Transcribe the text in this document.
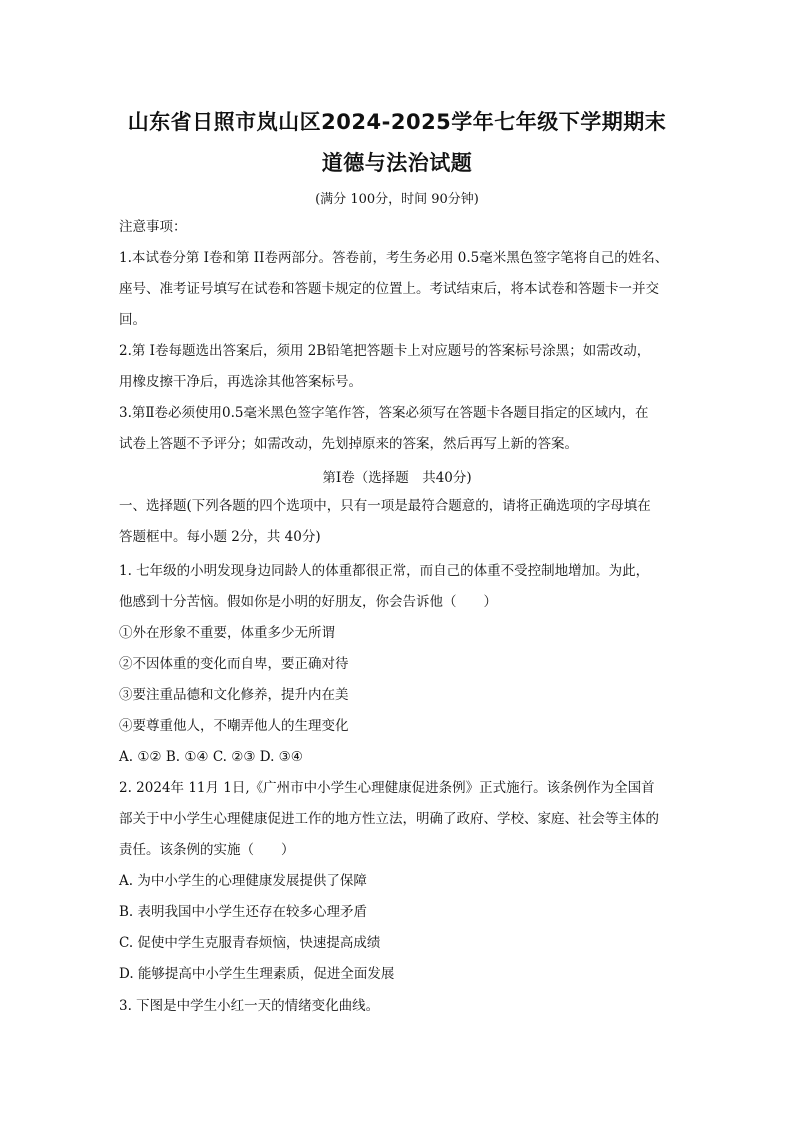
山东省日照市岚山区2024-2025学年七年级下学期期末
道德与法治试题
(满分 100分，时间 90分钟)
注意事项：
1.本试卷分第 I卷和第 II卷两部分。答卷前，考生务必用 0.5毫米黑色签字笔将自己的姓名、
座号、准考证号填写在试卷和答题卡规定的位置上。考试结束后，将本试卷和答题卡一并交
回。
2.第 I卷每题选出答案后，须用 2B铅笔把答题卡上对应题号的答案标号涂黑；如需改动，
用橡皮擦干净后，再选涂其他答案标号。
3.第Ⅱ卷必须使用0.5毫米黑色签字笔作答，答案必须写在答题卡各题目指定的区域内，在
试卷上答题不予评分；如需改动，先划掉原来的答案，然后再写上新的答案。
第Ⅰ卷（选择题　共40分)
一、选择题(下列各题的四个选项中，只有一项是最符合题意的，请将正确选项的字母填在
答题框中。每小题 2分，共 40分)
1. 七年级的小明发现身边同龄人的体重都很正常，而自己的体重不受控制地增加。为此，
他感到十分苦恼。假如你是小明的好朋友，你会告诉他（　　）
①外在形象不重要，体重多少无所谓
②不因体重的变化而自卑，要正确对待
③要注重品德和文化修养，提升内在美
④要尊重他人，不嘲弄他人的生理变化
A. ①② B. ①④ C. ②③ D. ③④
2. 2024年 11月 1日,《广州市中小学生心理健康促进条例》正式施行。该条例作为全国首
部关于中小学生心理健康促进工作的地方性立法，明确了政府、学校、家庭、社会等主体的
责任。该条例的实施（　　）
A. 为中小学生的心理健康发展提供了保障
B. 表明我国中小学生还存在较多心理矛盾
C. 促使中学生克服青春烦恼，快速提高成绩
D. 能够提高中小学生生理素质，促进全面发展
3. 下图是中学生小红一天的情绪变化曲线。
